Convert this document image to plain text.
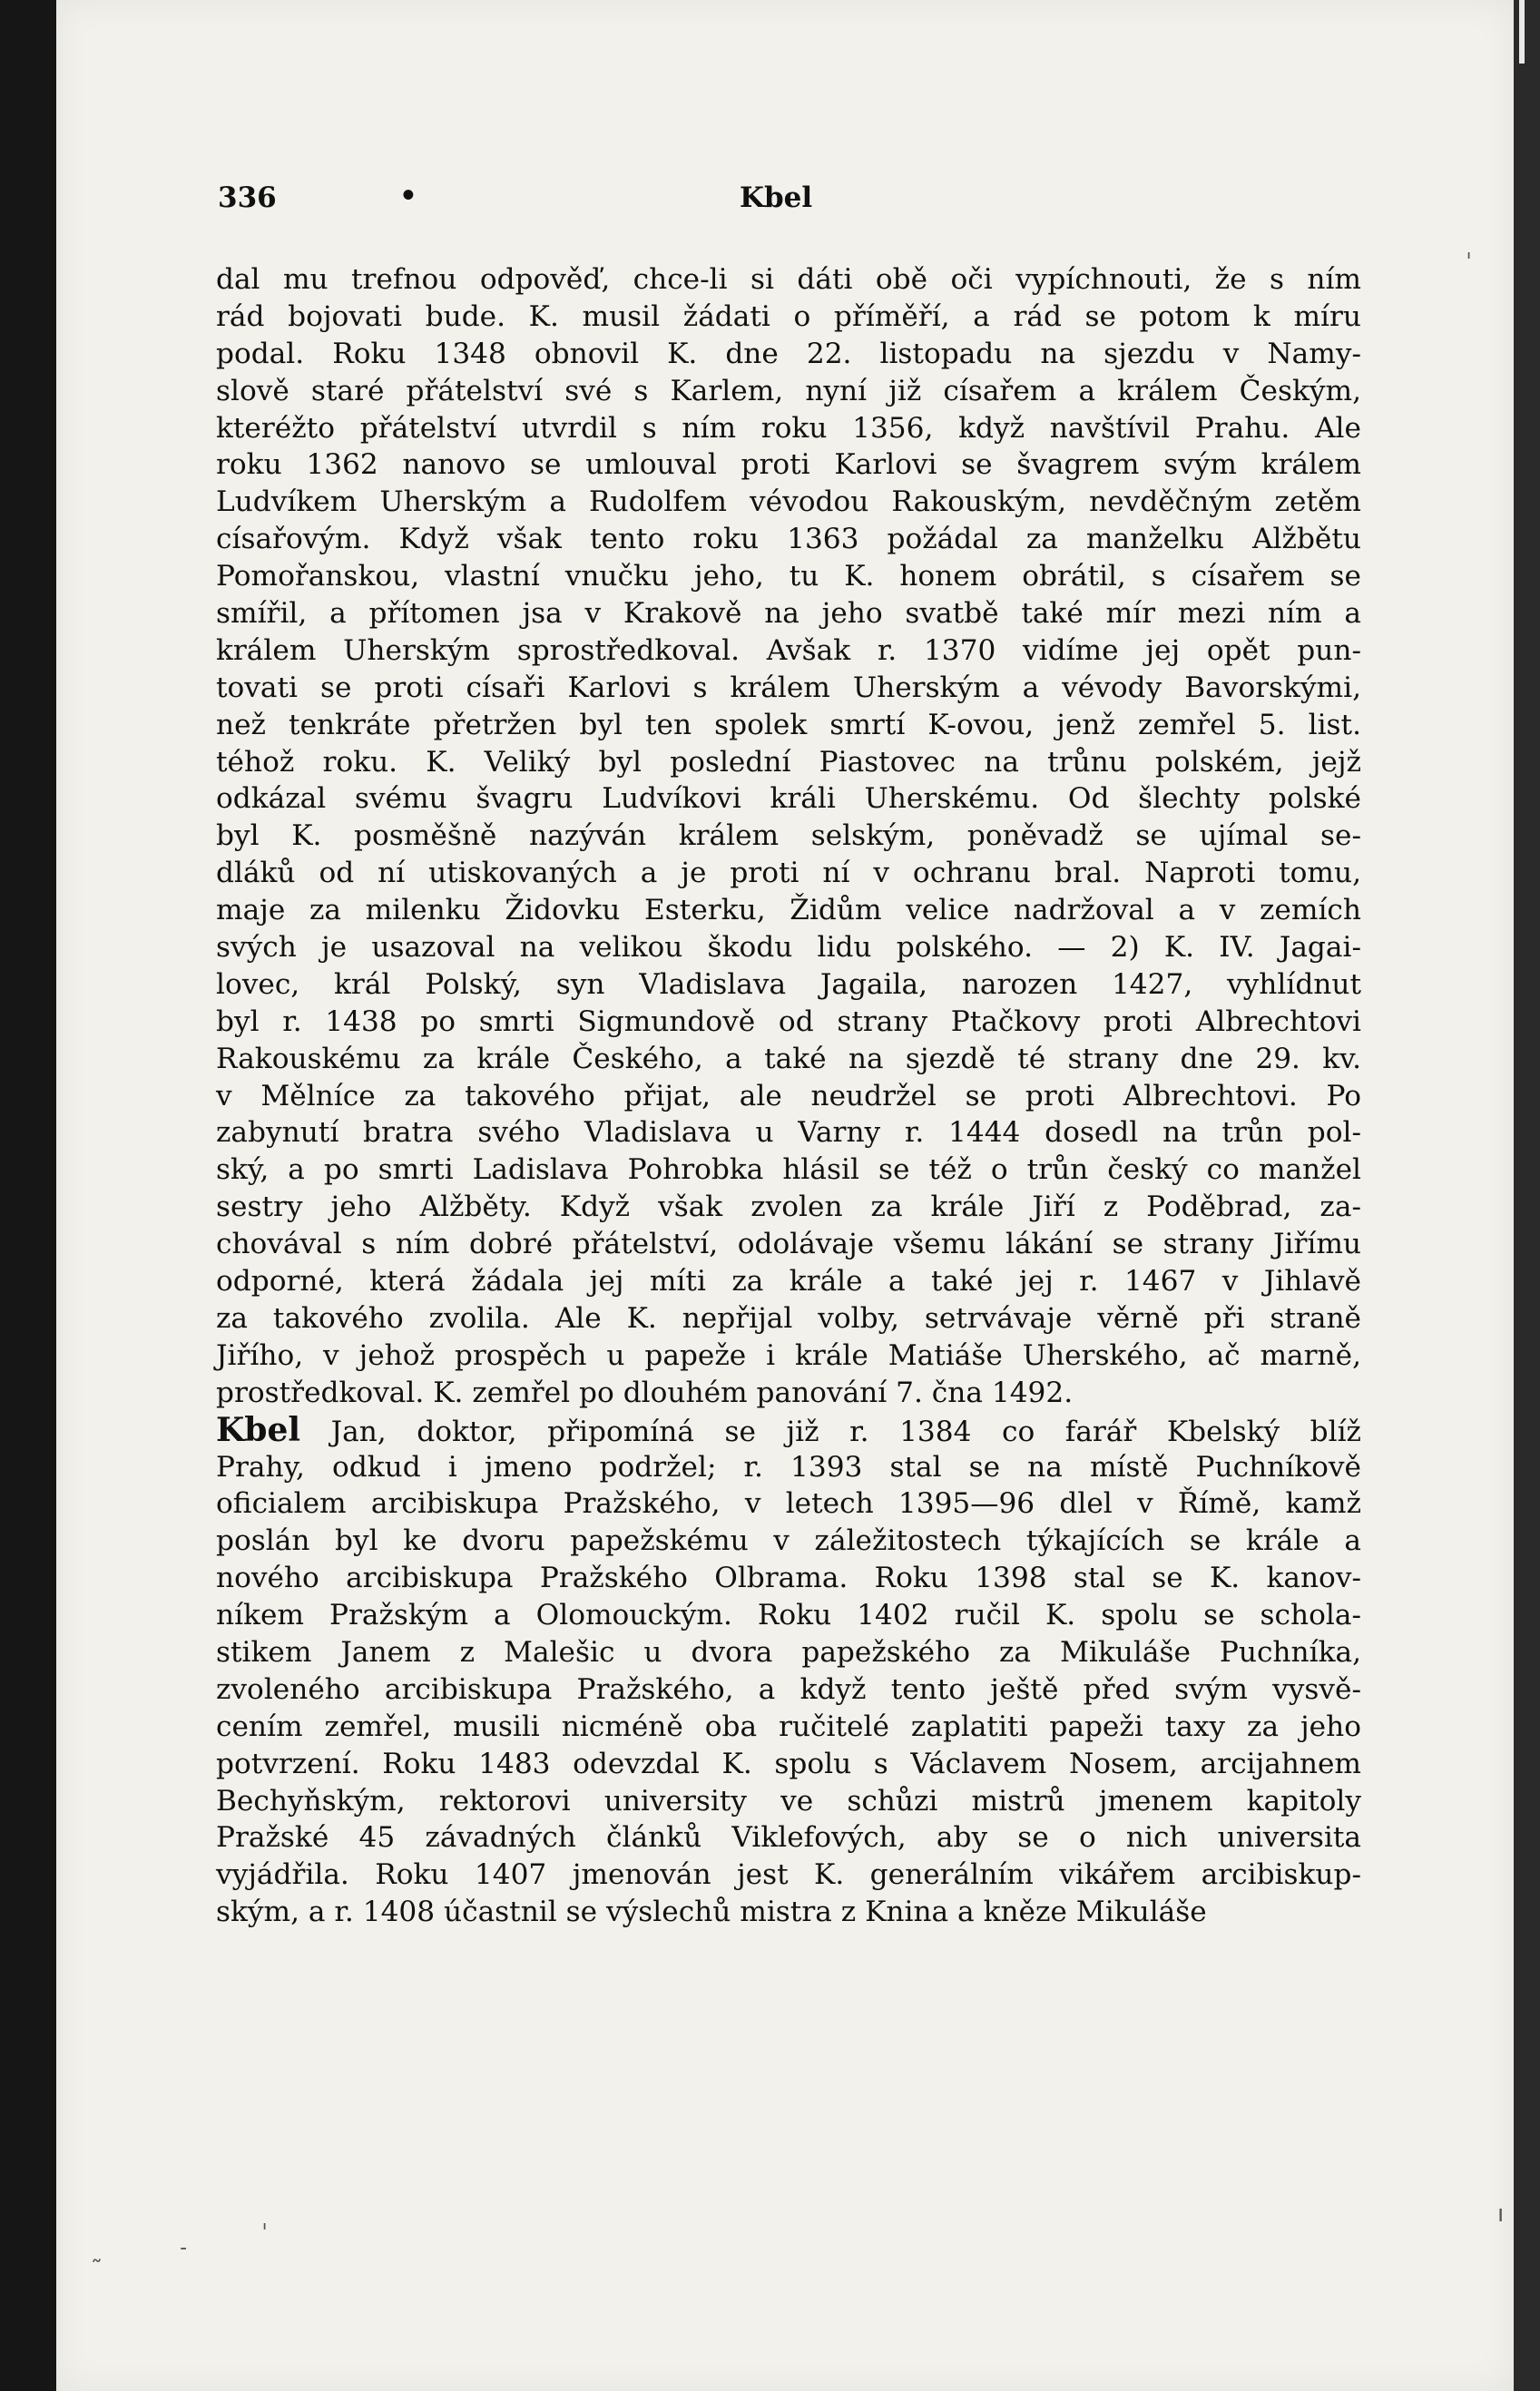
336	•	Kbel
dal mu trefnou odpověď, chce-li si dáti obě oči vypíchnouti, že s ním
rád bojovati bude. K. musil žádati o příměří, a rád se potom k míru
podal. Roku 1348 obnovil K. dne 22. listopadu na sjezdu v Namy-
slově staré přátelství své s Karlem, nyní již císařem a králem Českým,
kteréžto přátelství utvrdil s ním roku 1356, když navštívil Prahu. Ale
roku 1362 nanovo se umlouval proti Karlovi se švagrem svým králem
Ludvíkem Uherským a Rudolfem vévodou Rakouským, nevděčným zetěm
císařovým. Když však tento roku 1363 požádal za manželku Alžbětu
Pomořanskou, vlastní vnučku jeho, tu K. honem obrátil, s císařem se
smířil, a přítomen jsa v Krakově na jeho svatbě také mír mezi ním a
králem Uherským sprostředkoval. Avšak r. 1370 vidíme jej opět pun-
tovati se proti císaři Karlovi s králem Uherským a vévody Bavorskými,
než tenkráte přetržen byl ten spolek smrtí K-ovou, jenž zemřel 5. list.
téhož roku. K. Veliký byl poslední Piastovec na trůnu polském, jejž
odkázal svému švagru Ludvíkovi králi Uherskému. Od šlechty polské
byl K. posměšně nazýván králem selským, poněvadž se ujímal se-
dláků od ní utiskovaných a je proti ní v ochranu bral. Naproti tomu,
maje za milenku Židovku Esterku, Židům velice nadržoval a v zemích
svých je usazoval na velikou škodu lidu polského. — 2) K. IV. Jagai-
lovec, král Polský, syn Vladislava Jagaila, narozen 1427, vyhlídnut
byl r. 1438 po smrti Sigmundově od strany Ptačkovy proti Albrechtovi
Rakouskému za krále Českého, a také na sjezdě té strany dne 29. kv.
v Mělníce za takového přijat, ale neudržel se proti Albrechtovi. Po
zabynutí bratra svého Vladislava u Varny r. 1444 dosedl na trůn pol-
ský, a po smrti Ladislava Pohrobka hlásil se též o trůn český co manžel
sestry jeho Alžběty. Když však zvolen za krále Jiří z Poděbrad, za-
chovával s ním dobré přátelství, odolávaje všemu lákání se strany Jiřímu
odporné, která žádala jej míti za krále a také jej r. 1467 v Jihlavě
za takového zvolila. Ale K. nepřijal volby, setrvávaje věrně při straně
Jiřího, v jehož prospěch u papeže i krále Matiáše Uherského, ač marně,
prostředkoval. K. zemřel po dlouhém panování 7. čna 1492.
Kbel Jan, doktor, připomíná se již r. 1384 co farář Kbelský blíž
Prahy, odkud i jmeno podržel; r. 1393 stal se na místě Puchníkově
oficialem arcibiskupa Pražského, v letech 1395—96 dlel v Římě, kamž
poslán byl ke dvoru papežskému v záležitostech týkajících se krále a
nového arcibiskupa Pražského Olbrama. Roku 1398 stal se K. kanov-
níkem Pražským a Olomouckým. Roku 1402 ručil K. spolu se schola-
stikem Janem z Malešic u dvora papežského za Mikuláše Puchníka,
zvoleného arcibiskupa Pražského, a když tento ještě před svým vysvě-
cením zemřel, musili nicméně oba ručitelé zaplatiti papeži taxy za jeho
potvrzení. Roku 1483 odevzdal K. spolu s Václavem Nosem, arcijahnem
Bechyňským, rektorovi university ve schůzi mistrů jmenem kapitoly
Pražské 45 závadných článků Viklefových, aby se o nich universita
vyjádřila. Roku 1407 jmenován jest K. generálním vikářem arcibiskup-
ským, a r. 1408 účastnil se výslechů mistra z Knina a kněze Mikuláše
ˌ
ˌ
˷	˗
ı
